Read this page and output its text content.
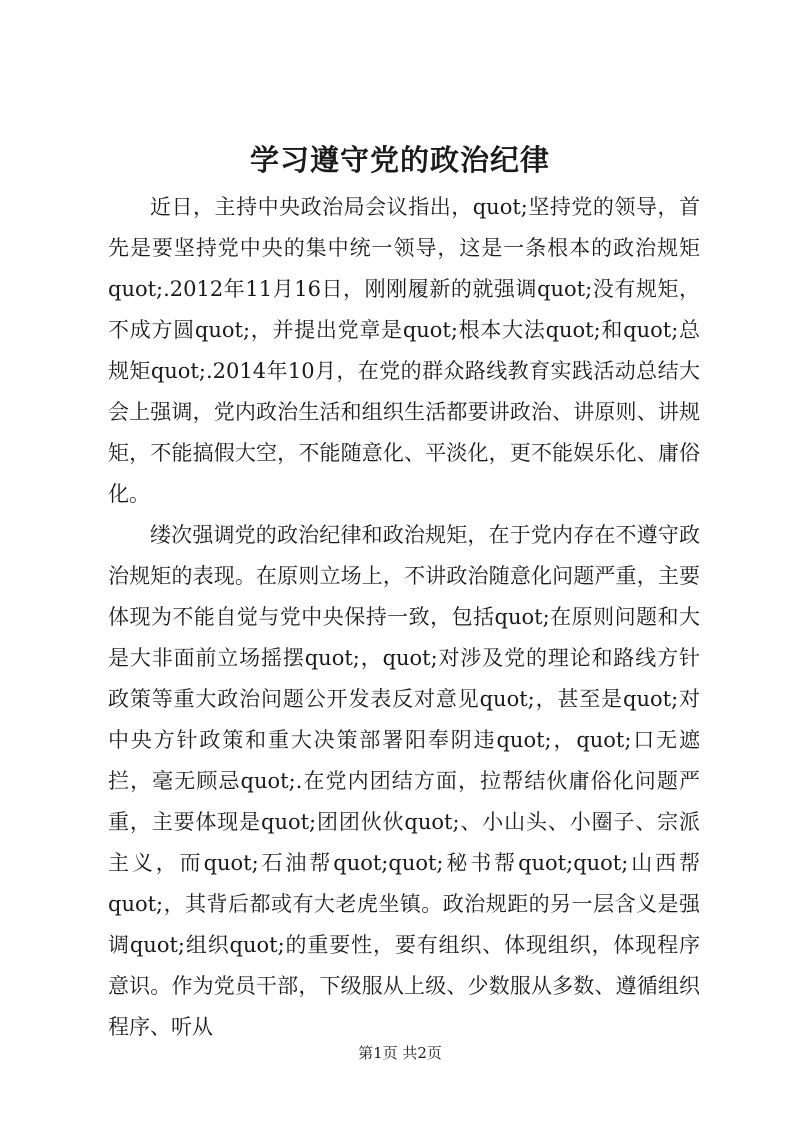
学习遵守党的政治纪律

近日，主持中央政治局会议指出，quot;坚持党的领导，首先是要坚持党中央的集中统一领导，这是一条根本的政治规矩quot;.2012年11月16日，刚刚履新的就强调quot;没有规矩，不成方圆quot;，并提出党章是quot;根本大法quot;和quot;总规矩quot;.2014年10月，在党的群众路线教育实践活动总结大会上强调，党内政治生活和组织生活都要讲政治、讲原则、讲规矩，不能搞假大空，不能随意化、平淡化，更不能娱乐化、庸俗化。

缕次强调党的政治纪律和政治规矩，在于党内存在不遵守政治规矩的表现。在原则立场上，不讲政治随意化问题严重，主要体现为不能自觉与党中央保持一致，包括quot;在原则问题和大是大非面前立场摇摆quot;，quot;对涉及党的理论和路线方针政策等重大政治问题公开发表反对意见quot;，甚至是quot;对中央方针政策和重大决策部署阳奉阴违quot;，quot;口无遮拦，毫无顾忌quot;.在党内团结方面，拉帮结伙庸俗化问题严重，主要体现是quot;团团伙伙quot;、小山头、小圈子、宗派主义，而quot;石油帮quot;quot;秘书帮quot;quot;山西帮quot;，其背后都或有大老虎坐镇。政治规距的另一层含义是强调quot;组织quot;的重要性，要有组织、体现组织，体现程序意识。作为党员干部，下级服从上级、少数服从多数、遵循组织程序、听从

第1页 共2页
